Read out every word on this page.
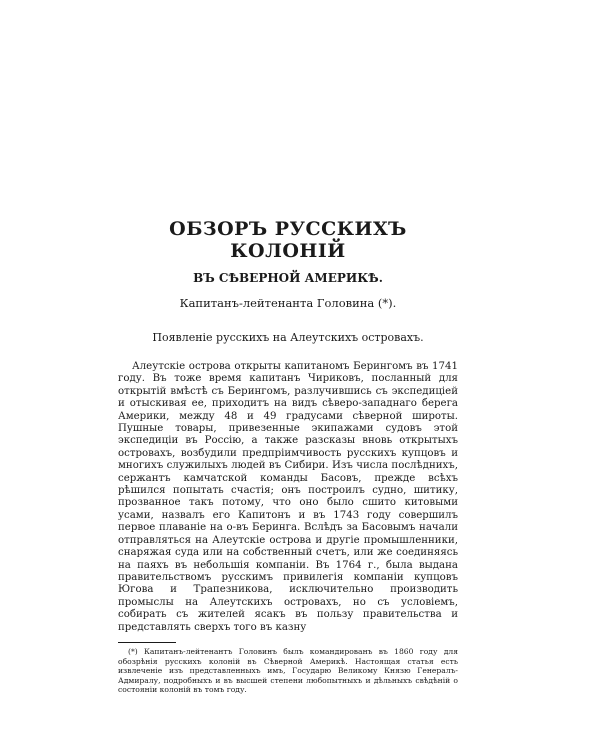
ОБЗОРЪ РУССКИХЪ КОЛОНІЙ
ВЪ СѢВЕРНОЙ АМЕРИКѢ.

Капитанъ-лейтенанта Головина (*).

Появленіе русскихъ на Алеутскихъ островахъ.

Алеутскіе острова открыты капитаномъ Берингомъ въ 1741 году. Въ тоже время капитанъ Чириковъ, посланный для открытій вмѣстѣ съ Берингомъ, разлучившись съ экспедиціей и отыскивая ее, приходитъ на видъ сѣверо-западнаго берега Америки, между 48 и 49 градусами сѣверной широты. Пушные товары, привезенные экипажами судовъ этой экспедиціи въ Россію, а также разсказы вновь открытыхъ островахъ, возбудили предпріимчивость русскихъ купцовъ и многихъ служилыхъ людей въ Сибири. Изъ числа послѣднихъ, сержантъ камчатской команды Басовъ, прежде всѣхъ рѣшился попытать счастія; онъ построилъ судно, шитику, прозванное такъ потому, что оно было сшито китовыми усами, назвалъ его Капитонъ и въ 1743 году совершилъ первое плаваніе на о-въ Беринга. Вслѣдъ за Басовымъ начали отправляться на Алеутскіе острова и другіе промышленники, снаряжая суда или на собственный счетъ, или же соединяясь на паяхъ въ небольшія компаніи. Въ 1764 г., была выдана правительствомъ русскимъ привилегія компаніи купцовъ Югова и Трапезникова, исключительно производить промыслы на Алеутскихъ островахъ, но съ условіемъ, собирать съ жителей ясакъ въ пользу правительства и представлять сверхъ того въ казну

(*) Капитанъ-лейтенантъ Головинъ былъ командированъ въ 1860 году для обозрѣнія русскихъ колоній въ Сѣверной Америкѣ. Настоящая статья есть извлеченіе изъ представленныхъ имъ, Государю Великому Князю Генералъ-Адмиралу, подробныхъ и въ высшей степени любопытныхъ и дѣльныхъ свѣдѣній о состояніи колоній въ томъ году.
